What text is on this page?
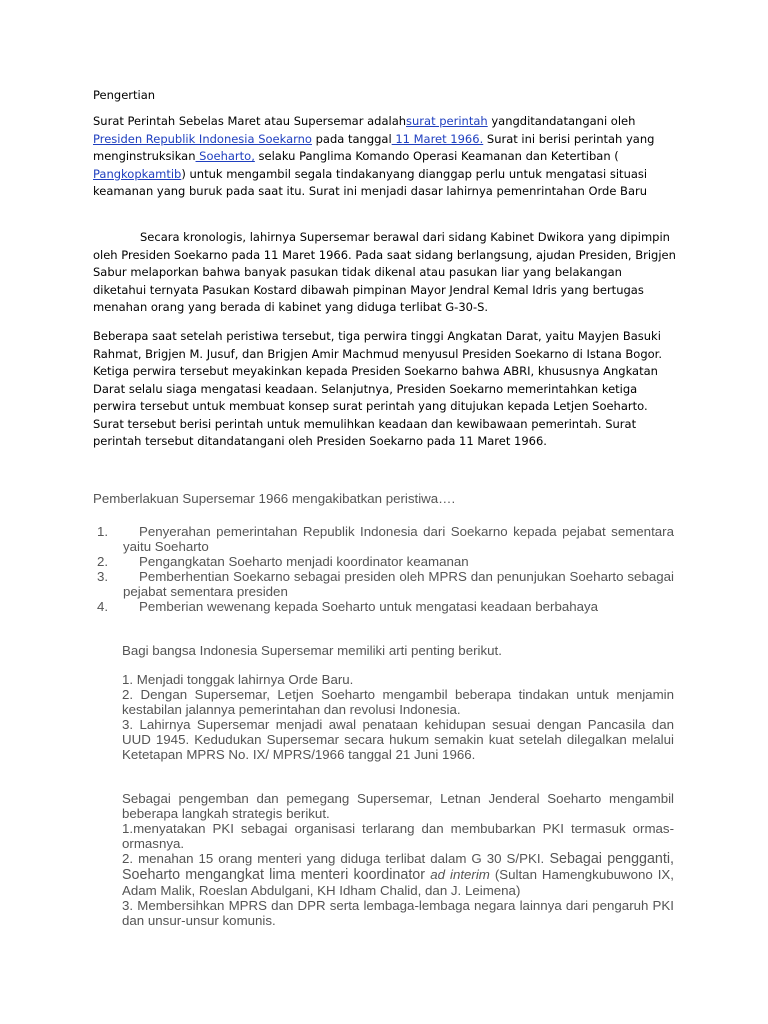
Pengertian
Surat Perintah Sebelas Maret atau Supersemar adalahsurat perintah yangditandatangani oleh Presiden Republik Indonesia Soekarno pada tanggal 11 Maret 1966. Surat ini berisi perintah yang menginstruksikan Soeharto, selaku Panglima Komando Operasi Keamanan dan Ketertiban ( Pangkopkamtib) untuk mengambil segala tindakanyang dianggap perlu untuk mengatasi situasi keamanan yang buruk pada saat itu. Surat ini menjadi dasar lahirnya pemenrintahan Orde Baru
Secara kronologis, lahirnya Supersemar berawal dari sidang Kabinet Dwikora yang dipimpin oleh Presiden Soekarno pada 11 Maret 1966. Pada saat sidang berlangsung, ajudan Presiden, Brigjen Sabur melaporkan bahwa banyak pasukan tidak dikenal atau pasukan liar yang belakangan diketahui ternyata Pasukan Kostard dibawah pimpinan Mayor Jendral Kemal Idris yang bertugas menahan orang yang berada di kabinet yang diduga terlibat G-30-S.
Beberapa saat setelah peristiwa tersebut, tiga perwira tinggi Angkatan Darat, yaitu Mayjen Basuki Rahmat, Brigjen M. Jusuf, dan Brigjen Amir Machmud menyusul Presiden Soekarno di Istana Bogor. Ketiga perwira tersebut meyakinkan kepada Presiden Soekarno bahwa ABRI, khususnya Angkatan Darat selalu siaga mengatasi keadaan. Selanjutnya, Presiden Soekarno memerintahkan ketiga perwira tersebut untuk membuat konsep surat perintah yang ditujukan kepada Letjen Soeharto. Surat tersebut berisi perintah untuk memulihkan keadaan dan kewibawaan pemerintah. Surat perintah tersebut ditandatangani oleh Presiden Soekarno pada 11 Maret 1966.
Pemberlakuan Supersemar 1966 mengakibatkan peristiwa….
1.	Penyerahan pemerintahan Republik Indonesia dari Soekarno kepada pejabat sementara yaitu Soeharto
2.	Pengangkatan Soeharto menjadi koordinator keamanan
3.	Pemberhentian Soekarno sebagai presiden oleh MPRS dan penunjukan Soeharto sebagai pejabat sementara presiden
4.	Pemberian wewenang kepada Soeharto untuk mengatasi keadaan berbahaya
Bagi bangsa Indonesia Supersemar memiliki arti penting berikut.
1. Menjadi tonggak lahirnya Orde Baru.
2. Dengan Supersemar, Letjen Soeharto mengambil beberapa tindakan untuk menjamin kestabilan jalannya pemerintahan dan revolusi Indonesia.
3. Lahirnya Supersemar menjadi awal penataan kehidupan sesuai dengan Pancasila dan UUD 1945. Kedudukan Supersemar secara hukum semakin kuat setelah dilegalkan melalui Ketetapan MPRS No. IX/ MPRS/1966 tanggal 21 Juni 1966.
Sebagai pengemban dan pemegang Supersemar, Letnan Jenderal Soeharto mengambil beberapa langkah strategis berikut.
1.menyatakan PKI sebagai organisasi terlarang dan membubarkan PKI termasuk ormas-ormasnya.
2. menahan 15 orang menteri yang diduga terlibat dalam G 30 S/PKI. Sebagai pengganti, Soeharto mengangkat lima menteri koordinator ad interim (Sultan Hamengkubuwono IX, Adam Malik, Roeslan Abdulgani, KH Idham Chalid, dan J. Leimena)
3. Membersihkan MPRS dan DPR serta lembaga-lembaga negara lainnya dari pengaruh PKI dan unsur-unsur komunis.
